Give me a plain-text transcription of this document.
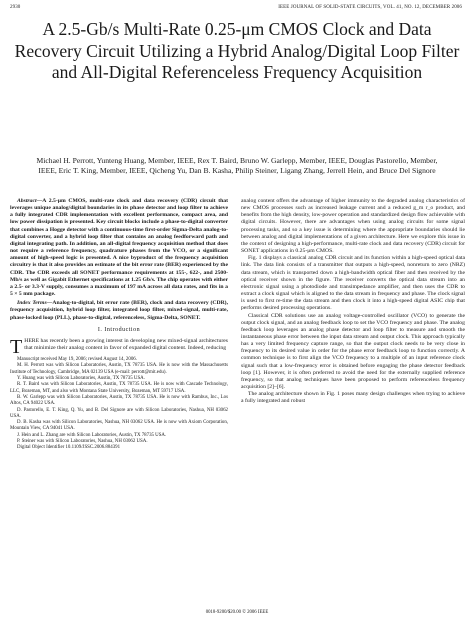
2930	IEEE JOURNAL OF SOLID-STATE CIRCUITS, VOL. 41, NO. 12, DECEMBER 2006
A 2.5-Gb/s Multi-Rate 0.25-μm CMOS Clock and Data Recovery Circuit Utilizing a Hybrid Analog/Digital Loop Filter and All-Digital Referenceless Frequency Acquisition
Michael H. Perrott, Yunteng Huang, Member, IEEE, Rex T. Baird, Bruno W. Garlepp, Member, IEEE, Douglas Pastorello, Member, IEEE, Eric T. King, Member, IEEE, Qicheng Yu, Dan B. Kasha, Philip Steiner, Ligang Zhang, Jerrell Hein, and Bruce Del Signore

Abstract—A 2.5-μm CMOS, multi-rate clock and data recovery (CDR) circuit that leverages unique analog/digital boundaries in its phase detector and loop filter to achieve a fully integrated CDR implementation with excellent performance, compact area, and low power dissipation is presented. Key circuit blocks include a phase-to-digital converter that combines a Hogge detector with a continuous-time first-order Sigma-Delta analog-to-digital converter, and a hybrid loop filter that contains an analog feedforward path and digital integrating path. In addition, an all-digital frequency acquisition method that does not require a reference frequency, quadrature phases from the VCO, or a significant amount of high-speed logic is presented. A nice byproduct of the frequency acquisition circuitry is that it also provides an estimate of the bit error rate (BER) experienced by the CDR. The CDR exceeds all SONET performance requirements at 155-, 622-, and 2500-Mb/s as well as Gigabit Ethernet specifications at 1.25 Gb/s. The chip operates with either a 2.5- or 3.3-V supply, consumes a maximum of 197 mA across all data rates, and fits in a 5 × 5 mm package.

Index Terms—Analog-to-digital, bit error rate (BER), clock and data recovery (CDR), frequency acquisition, hybrid loop filter, integrated loop filter, mixed-signal, multi-rate, phase-locked loop (PLL), phase-to-digital, referenceless, Sigma-Delta, SONET.

I. Introduction

THERE has recently been a growing interest in developing new mixed-signal architectures that minimize their analog content in favor of expanded digital content. Indeed, reducing

Manuscript received May 19, 2006; revised August 14, 2006.

M. H. Perrott was with Silicon Laboratories, Austin, TX 78735 USA. He is now with the Massachusetts Institute of Technology, Cambridge, MA 02139 USA (e-mail: perrott@mit.edu).

Y. Huang was with Silicon Laboratories, Austin, TX 78735 USA.

R. T. Baird was with Silicon Laboratories, Austin, TX 78735 USA. He is now with Cascade Technology, LLC, Bozeman, MT, and also with Montana State University, Bozeman, MT 59717 USA.

B. W. Garlepp was with Silicon Laboratories, Austin, TX 78735 USA. He is now with Rambus, Inc., Los Altos, CA 94022 USA.

D. Pastorello, E. T. King, Q. Yu, and B. Del Signore are with Silicon Laboratories, Nashua, NH 03062 USA.

D. B. Kasha was with Silicon Laboratories, Nashua, NH 03062 USA. He is now with Axiom Corporation, Mountain View, CA 94041 USA.

J. Hein and L. Zhang are with Silicon Laboratories, Austin, TX 78735 USA.

P. Steiner was with Silicon Laboratories, Nashua, NH 03062 USA.

Digital Object Identifier 10.1109/JSSC.2006.884391

analog content offers the advantage of higher immunity to the degraded analog characteristics of new CMOS processes such as increased leakage current and a reduced g_m r_o product, and benefits from the high density, low-power operation and standardized design flow achievable with digital circuits. However, there are advantages when using analog circuits for some signal processing tasks, and so a key issue is determining where the appropriate boundaries should lie between analog and digital implementations of a given architecture. Here we explore this issue in the context of designing a high-performance, multi-rate clock and data recovery (CDR) circuit for SONET applications in 0.25-μm CMOS.

Fig. 1 displays a classical analog CDR circuit and its function within a high-speed optical data link. The data link consists of a transmitter that outputs a high-speed, nonreturn to zero (NRZ) data stream, which is transported down a high-bandwidth optical fiber and then received by the optical receiver shown in the figure. The receiver converts the optical data stream into an electronic signal using a photodiode and transimpedance amplifier, and then uses the CDR to extract a clock signal which is aligned to the data stream in frequency and phase. The clock signal is used to first re-time the data stream and then clock it into a high-speed digital ASIC chip that performs desired processing operations.

Classical CDR solutions use an analog voltage-controlled oscillator (VCO) to generate the output clock signal, and an analog feedback loop to set the VCO frequency and phase. The analog feedback loop leverages an analog phase detector and loop filter to measure and smooth the instantaneous phase error between the input data stream and output clock. This approach typically has a very limited frequency capture range, so that the output clock needs to be very close in frequency to its desired value in order for the phase error feedback loop to function correctly. A common technique is to first align the VCO frequency to a multiple of an input reference clock signal such that a low-frequency error is obtained before engaging the phase detector feedback loop [1]. However, it is often preferred to avoid the need for the externally supplied reference frequency, so that analog techniques have been proposed to perform referenceless frequency acquisition [2]–[6].

The analog architecture shown in Fig. 1 poses many design challenges when trying to achieve a fully integrated and robust

0018-9200/$20.00 © 2006 IEEE
